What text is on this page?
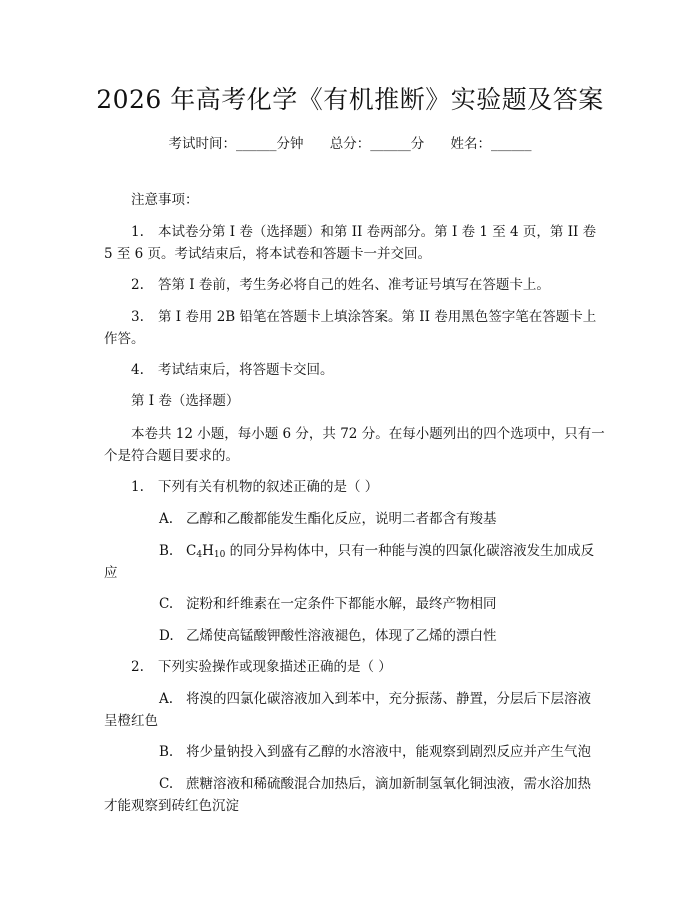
2026 年高考化学《有机推断》实验题及答案
考试时间：______分钟 总分：______分 姓名：______
注意事项：
1. 本试卷分第 I 卷（选择题）和第 II 卷两部分。第 I 卷 1 至 4 页，第 II 卷
5 至 6 页。考试结束后，将本试卷和答题卡一并交回。
2. 答第 I 卷前，考生务必将自己的姓名、准考证号填写在答题卡上。
3. 第 I 卷用 2B 铅笔在答题卡上填涂答案。第 II 卷用黑色签字笔在答题卡上
作答。
4. 考试结束后，将答题卡交回。
第 I 卷（选择题）
本卷共 12 小题，每小题 6 分，共 72 分。在每小题列出的四个选项中，只有一
个是符合题目要求的。
1. 下列有关有机物的叙述正确的是（ ）
A. 乙醇和乙酸都能发生酯化反应，说明二者都含有羧基
B. $C_4H_{10}$ 的同分异构体中，只有一种能与溴的四氯化碳溶液发生加成反
应
C. 淀粉和纤维素在一定条件下都能水解，最终产物相同
D. 乙烯使高锰酸钾酸性溶液褪色，体现了乙烯的漂白性
2. 下列实验操作或现象描述正确的是（ ）
A. 将溴的四氯化碳溶液加入到苯中，充分振荡、静置，分层后下层溶液
呈橙红色
B. 将少量钠投入到盛有乙醇的水溶液中，能观察到剧烈反应并产生气泡
C. 蔗糖溶液和稀硫酸混合加热后，滴加新制氢氧化铜浊液，需水浴加热
才能观察到砖红色沉淀
